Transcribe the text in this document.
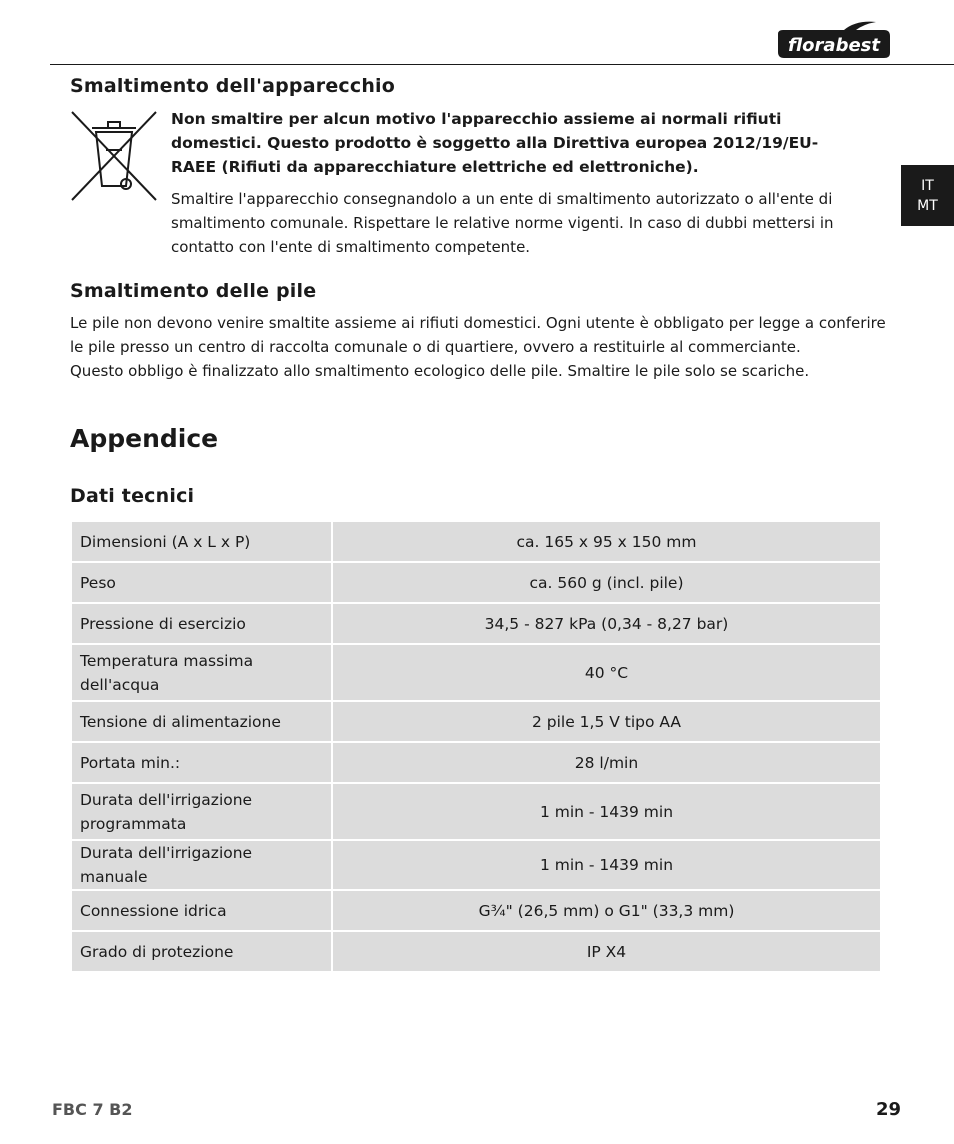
florabest
IT
MT
Smaltimento dell'apparecchio

Non smaltire per alcun motivo l'apparecchio assieme ai normali rifiuti
domestici. Questo prodotto è soggetto alla Direttiva europea 2012/19/EU-
RAEE (Rifiuti da apparecchiature elettriche ed elettroniche).

Smaltire l'apparecchio consegnandolo a un ente di smaltimento autorizzato o all'ente di
smaltimento comunale. Rispettare le relative norme vigenti. In caso di dubbi mettersi in
contatto con l'ente di smaltimento competente.

Smaltimento delle pile

Le pile non devono venire smaltite assieme ai rifiuti domestici. Ogni utente è obbligato per legge a conferire
le pile presso un centro di raccolta comunale o di quartiere, ovvero a restituirle al commerciante.
Questo obbligo è finalizzato allo smaltimento ecologico delle pile. Smaltire le pile solo se scariche.

Appendice
Dati tecnici
Dimensioni (A x L x P)	ca. 165 x 95 x 150 mm
Peso	ca. 560 g (incl. pile)
Pressione di esercizio	34,5 - 827 kPa (0,34 - 8,27 bar)
Temperatura massima
dell'acqua	40 °C
Tensione di alimentazione	2 pile 1,5 V tipo AA
Portata min.:	28 l/min
Durata dell'irrigazione
programmata	1 min - 1439 min
Durata dell'irrigazione manuale	1 min - 1439 min
Connessione idrica	G¾" (26,5 mm) o G1" (33,3 mm)
Grado di protezione	IP X4
FBC 7 B2	29
